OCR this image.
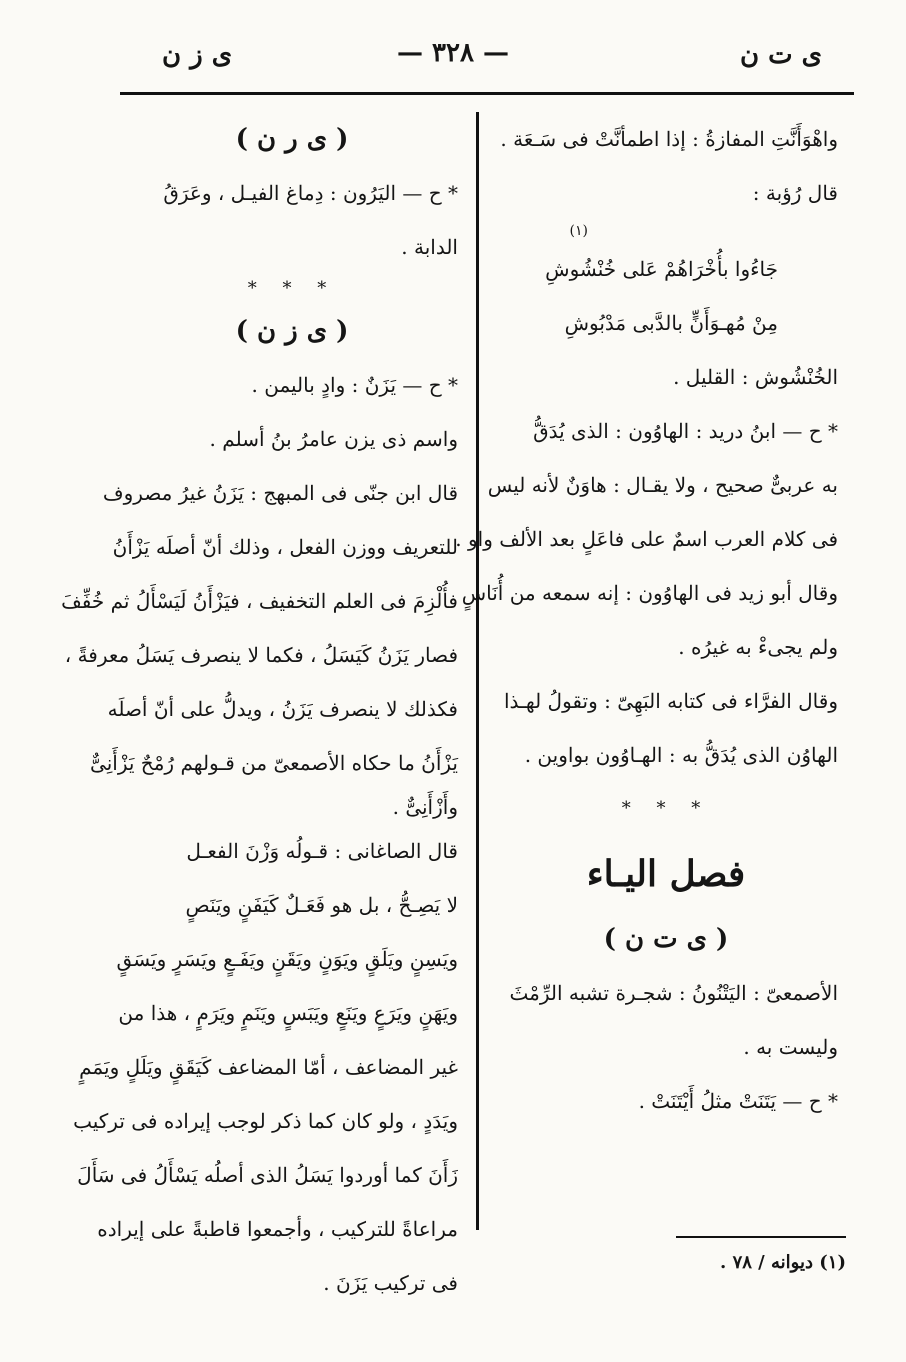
ى ت ن
— ٣٢٨ —
ى ز ن
واهْوَأَنَّتِ المفازةُ : إذا اطمأنَّتْ فى سَـعَة .
قال رُؤبة :
(١)
جَاءُوا بأُخْرَاهُمْ عَلى خُنْشُوشِ
مِنْ مُهـوَأَنٍّ بالدَّبى مَدْبُوشِ
الخُنْشُوش : القليل .
* ح — ابنُ دريد : الهاوُون : الذى يُدَقُّ
به عربىٌّ صحيح ، ولا يقـال : هاوَنٌ لأنه ليس
فى كلام العرب اسمٌ على فاعَلٍ بعد الألف واو .
وقال أبو زيد فى الهاوُون : إنه سمعه من أُنَاسٍ
ولم يجىءْ به غيرُه .
وقال الفرَّاء فى كتابه البَهِىّ : وتقولُ لهـذا
الهاوُن الذى يُدَقُّ به : الهـاوُون بواوين .
* * *
فصل اليـاء
( ى ت ن )
الأصمعىّ : اليَتْنُونُ : شجـرة تشبه الرِّمْثَ
وليست به .
* ح — يَتَنَتْ مثلُ أَيْتَنَتْ .
( ى ر ن )
* ح — اليَرُون : دِماغ الفيـل ، وعَرَقُ
الدابة .
* * *
( ى ز ن )
* ح — يَزَنٌ : وادٍ باليمن .
واسم ذى يزن عامرُ بنُ أسلم .
قال ابن جنّى فى المبهج : يَزَنُ غيرُ مصروف
للتعريف ووزن الفعل ، وذلك أنّ أصلَه يَزْأَنُ
فأُلْزِمَ فى العلم التخفيف ، فيَزْأَنُ لَيَسْأَلُ ثم خُفِّفَ
فصار يَزَنُ كَيَسَلُ ، فكما لا ينصرف يَسَلُ معرفةً ،
فكذلك لا ينصرف يَزَنُ ، ويدلُّ على أنّ أصلَه
يَزْأَنُ ما حكاه الأصمعىّ من قـولهم رُمْحٌ يَزْأَنِىٌّ
وأَزْأَنِىٌّ .
قال الصاغانى : قـولُه وَزْنَ الفعـل
لا يَصِـحُّ ، بل هو فَعَـلٌ كَيَفَنٍ ويَنَصٍ
ويَسِنٍ ويَلَقٍ ويَوَنٍ ويَقَنٍ ويَفَـعٍ ويَسَرٍ ويَسَقٍ
ويَهَنٍ ويَرَعٍ ويَنَعٍ ويَبَسٍ ويَنَمٍ ويَرَمٍ ، هذا من
غير المضاعف ، أمّا المضاعف كَيَقَقٍ ويَلَلٍ ويَمَمٍ
ويَدَدٍ ، ولو كان كما ذكر لوجب إيراده فى تركيب
زَأَنَ كما أوردوا يَسَلُ الذى أصلُه يَسْأَلُ فى سَأَلَ
مراعاةً للتركيب ، وأجمعوا قاطبةً على إيراده
فى تركيب يَزَنَ .
(١) ديوانه / ٧٨ .
